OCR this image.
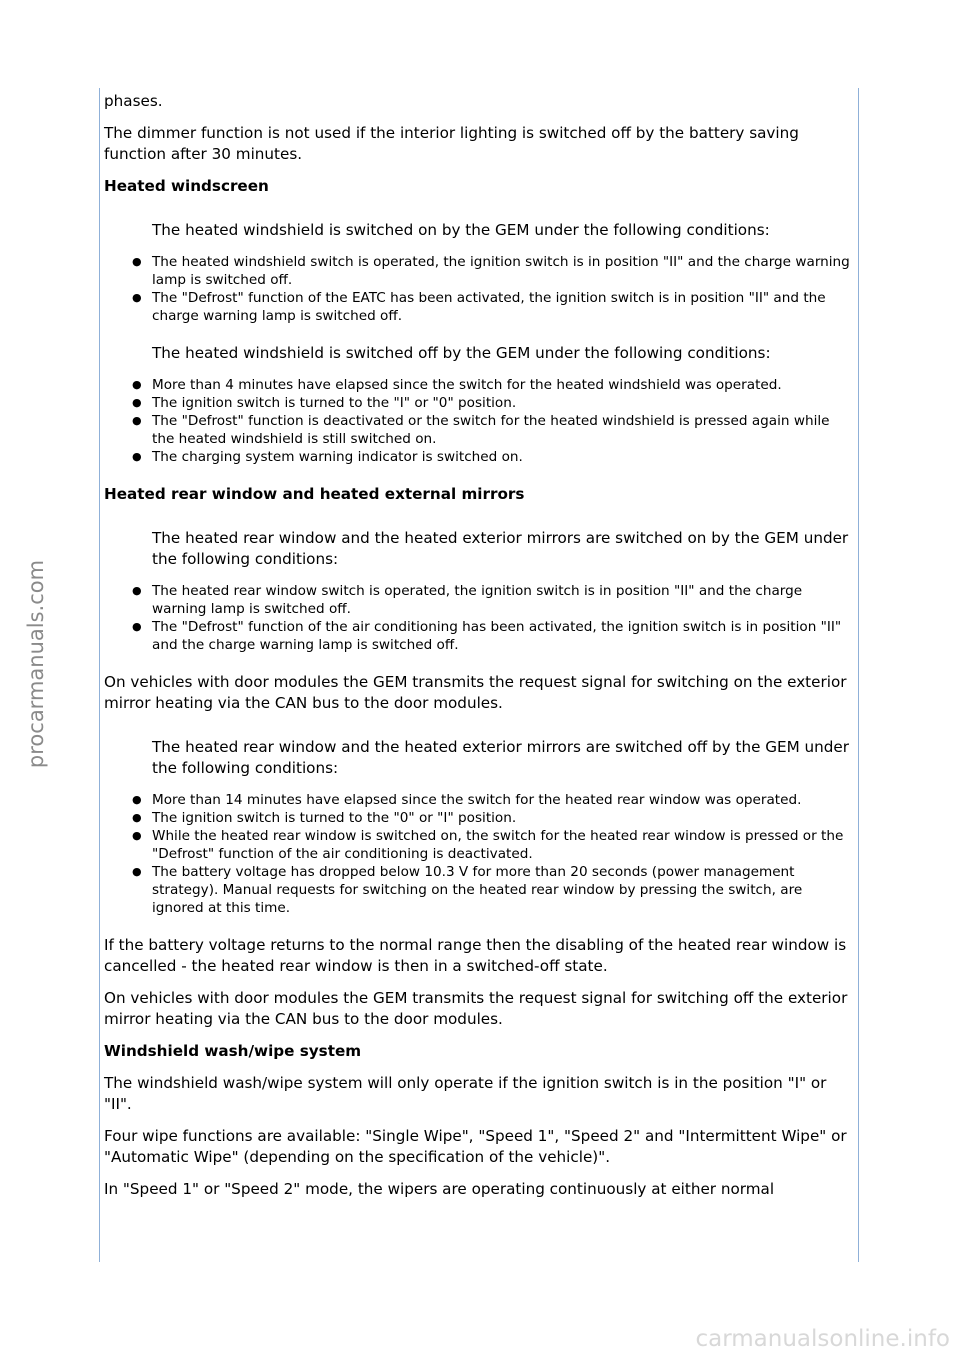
procarmanuals.com
carmanualsonline.info

phases.

The dimmer function is not used if the interior lighting is switched off by the battery saving function after 30 minutes.

Heated windscreen

The heated windshield is switched on by the GEM under the following conditions:

● The heated windshield switch is operated, the ignition switch is in position "II" and the charge warning lamp is switched off.
● The "Defrost" function of the EATC has been activated, the ignition switch is in position "II" and the charge warning lamp is switched off.

The heated windshield is switched off by the GEM under the following conditions:

● More than 4 minutes have elapsed since the switch for the heated windshield was operated.
● The ignition switch is turned to the "I" or "0" position.
● The "Defrost" function is deactivated or the switch for the heated windshield is pressed again while the heated windshield is still switched on.
● The charging system warning indicator is switched on.

Heated rear window and heated external mirrors

The heated rear window and the heated exterior mirrors are switched on by the GEM under the following conditions:

● The heated rear window switch is operated, the ignition switch is in position "II" and the charge warning lamp is switched off.
● The "Defrost" function of the air conditioning has been activated, the ignition switch is in position "II" and the charge warning lamp is switched off.

On vehicles with door modules the GEM transmits the request signal for switching on the exterior mirror heating via the CAN bus to the door modules.

The heated rear window and the heated exterior mirrors are switched off by the GEM under the following conditions:

● More than 14 minutes have elapsed since the switch for the heated rear window was operated.
● The ignition switch is turned to the "0" or "I" position.
● While the heated rear window is switched on, the switch for the heated rear window is pressed or the "Defrost" function of the air conditioning is deactivated.
● The battery voltage has dropped below 10.3 V for more than 20 seconds (power management strategy). Manual requests for switching on the heated rear window by pressing the switch, are ignored at this time.

If the battery voltage returns to the normal range then the disabling of the heated rear window is cancelled - the heated rear window is then in a switched-off state.

On vehicles with door modules the GEM transmits the request signal for switching off the exterior mirror heating via the CAN bus to the door modules.

Windshield wash/wipe system

The windshield wash/wipe system will only operate if the ignition switch is in the position "I" or "II".

Four wipe functions are available: "Single Wipe", "Speed 1", "Speed 2" and "Intermittent Wipe" or "Automatic Wipe" (depending on the specification of the vehicle)".

In "Speed 1" or "Speed 2" mode, the wipers are operating continuously at either normal
